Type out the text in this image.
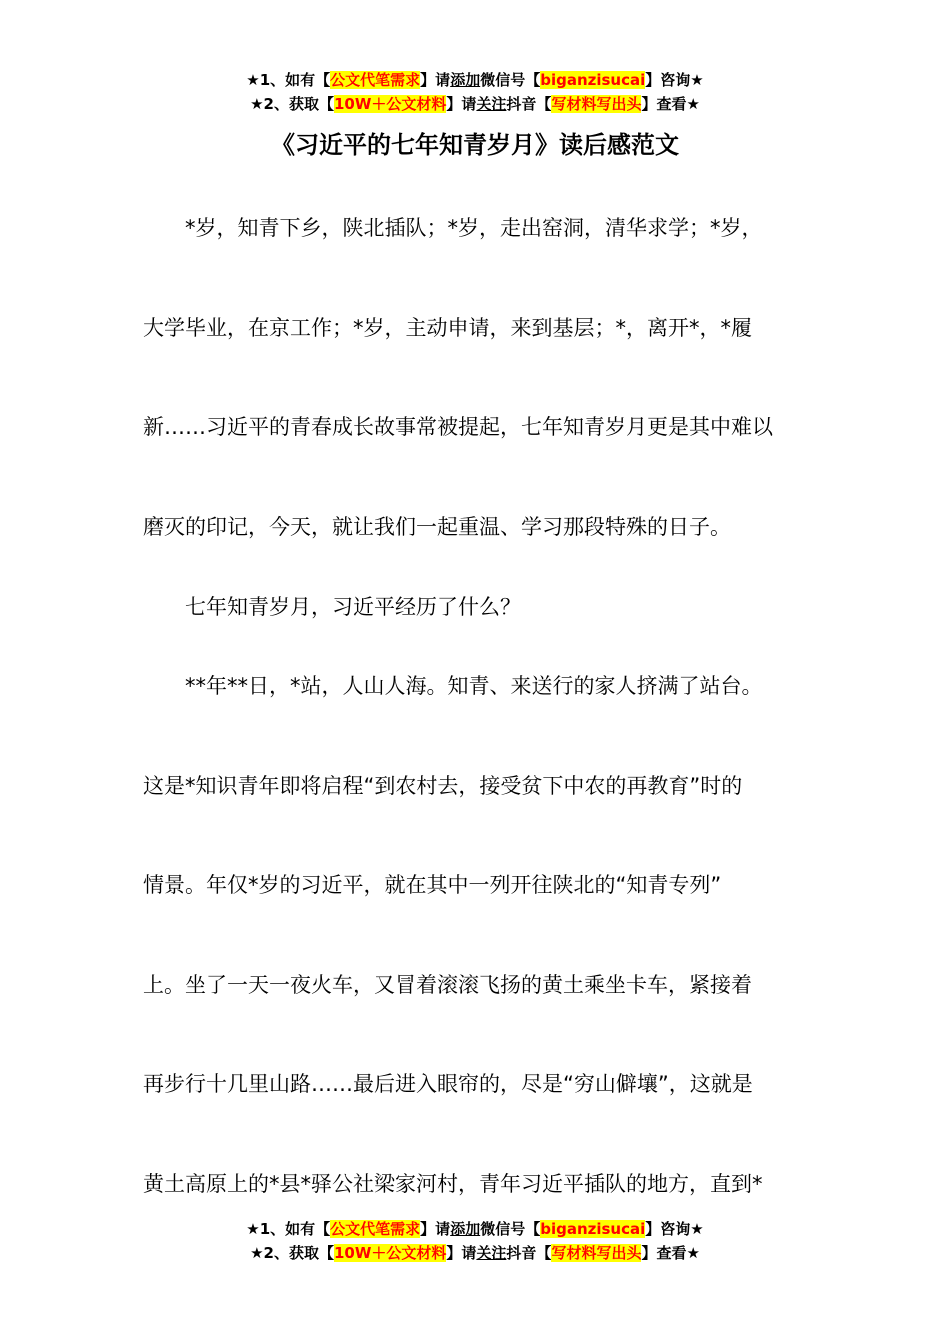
★1、如有【公文代笔需求】请添加微信号【biganzisucai】咨询★
★2、获取【10W＋公文材料】请关注抖音【写材料写出头】查看★
《习近平的七年知青岁月》读后感范文
*岁，知青下乡，陕北插队；*岁，走出窑洞，清华求学；*岁，
大学毕业，在京工作；*岁，主动申请，来到基层；*，离开*，*履
新……习近平的青春成长故事常被提起，七年知青岁月更是其中难以
磨灭的印记，今天，就让我们一起重温、学习那段特殊的日子。
七年知青岁月，习近平经历了什么？
**年**日，*站，人山人海。知青、来送行的家人挤满了站台。
这是*知识青年即将启程“到农村去，接受贫下中农的再教育”时的
情景。年仅*岁的习近平，就在其中一列开往陕北的“知青专列”
上。坐了一天一夜火车，又冒着滚滚飞扬的黄土乘坐卡车，紧接着
再步行十几里山路……最后进入眼帘的，尽是“穷山僻壤”，这就是
黄土高原上的*县*驿公社梁家河村，青年习近平插队的地方，直到*
★1、如有【公文代笔需求】请添加微信号【biganzisucai】咨询★
★2、获取【10W＋公文材料】请关注抖音【写材料写出头】查看★
